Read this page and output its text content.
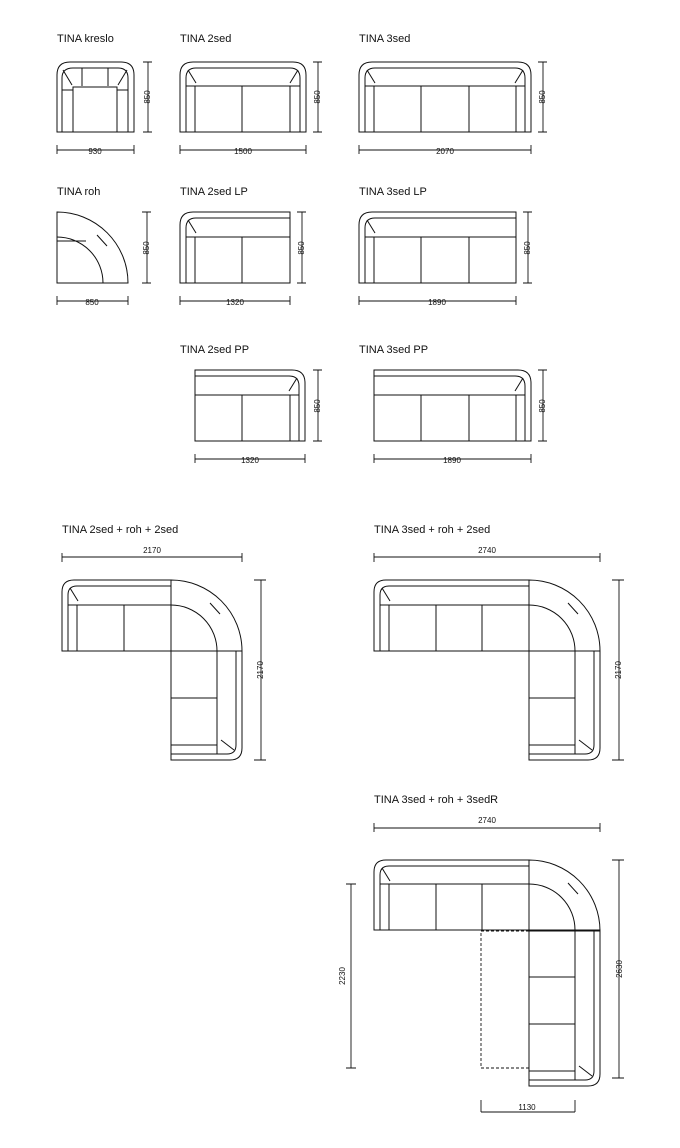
TINA kreslo
930
850
TINA 2sed
1500
850
TINA 3sed
2070
850
TINA roh
850
850
TINA 2sed LP
1320
850
TINA 3sed LP
1890
850
TINA 2sed PP
1320
850
TINA 3sed PP
1890
850
TINA 2sed + roh + 2sed
2170
2170
TINA 3sed + roh + 2sed
2740
2170
TINA 3sed + roh + 3sedR
2740
2630
2230
1130
